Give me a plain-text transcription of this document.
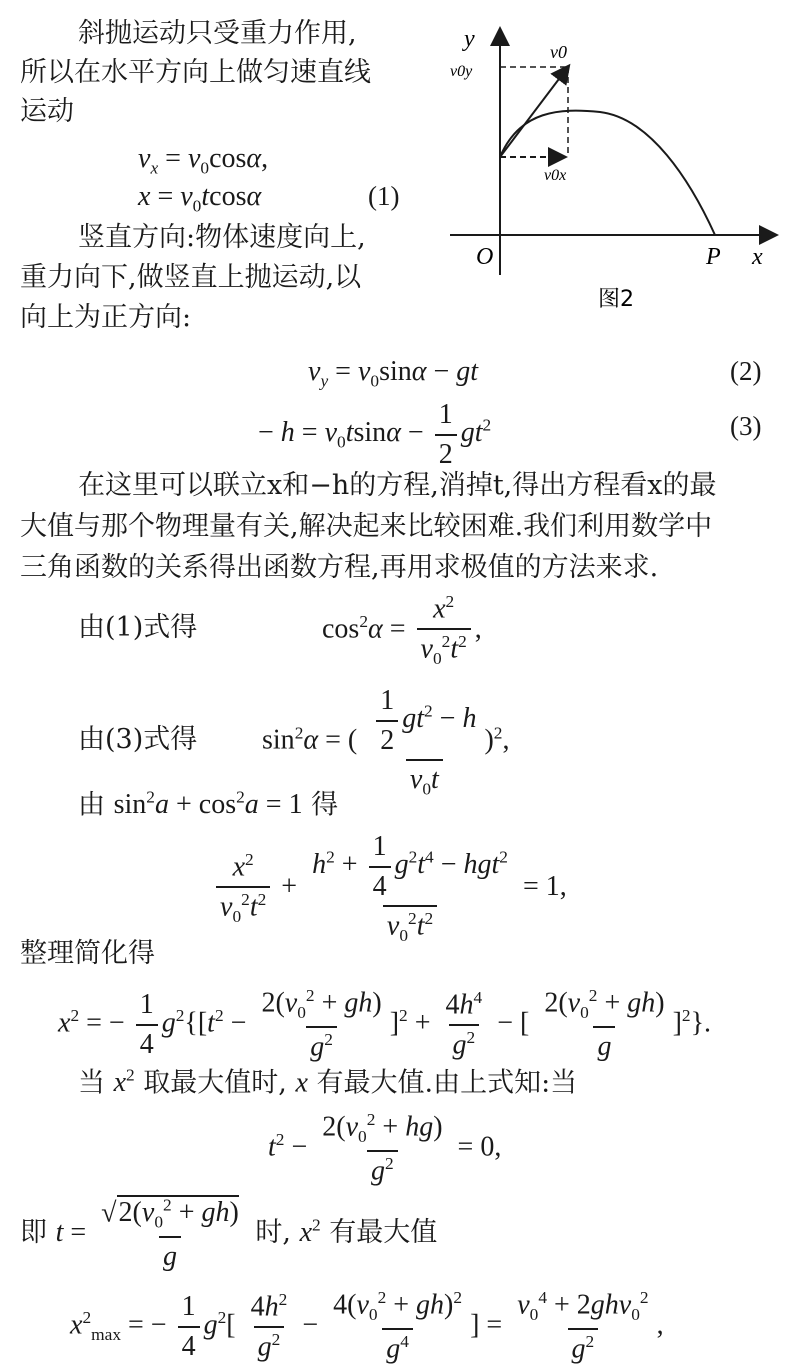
斜抛运动只受重力作用,
所以在水平方向上做匀速直线
运动
$v_x = v_0\cos\alpha$,
$x = v_0tcos\alpha$	(1)
竖直方向:物体速度向上,
重力向下,做竖直上抛运动,以
向上为正方向:
y
x
O	P
v0
v0y
v0x
图2
$v_y = v_0\sin\alpha$ − gt	(2)
− $h = v_0tsin\alpha - \frac{1}{2} gt^2$	(3)
在这里可以联立x和−h的方程,消掉t,得出方程看x的最
大值与那个物理量有关,解决起来比较困难.我们利用数学中
三角函数的关系得出函数方程,再用求极值的方法来求.
由(1)式得	$\cos^2\alpha = \frac{x^2}{v_0^2t^2}$ ,
由(3)式得 $\sin^2\alpha$ = ( $\frac{\frac{1}{2} gt^2 - h}{v_0t} )^2$,
由 $\sin^2a + \cos^2a = 1$ 得
$\frac{x^2}{v_0^2t^2} + \frac{h^2 + \frac{1}{4} g^2t^4 - hgt^2}{v_0^2t^2} = 1$,
整理简化得
$x^2$ = − $\frac{1}{4} g^2\{[t^2 - \frac{2(v_0^2 + gh)}{g^2} ]^2 + \frac{4h^4}{g^2}$ − [ $\frac{2(v_0^2 + gh)}{g} ]^2$}.
当 $x^2$ 取最大值时, x 有最大值.由上式知:当
$t^2 - \frac{2(v_0^2 + hg)}{g^2} = 0$,
即 $t = \frac{√2(v_0^2 + gh)}{g}$ 时, $x^2$ 有最大值
$x^2_{max}$ = − $\frac{1}{4} g^2[ \frac{4h^2}{g^2} - \frac{4(v_0^2 + gh)^2}{g^4}$ ] = $\frac{v_0^4 + 2ghv_0^2}{g^2}$ ,
